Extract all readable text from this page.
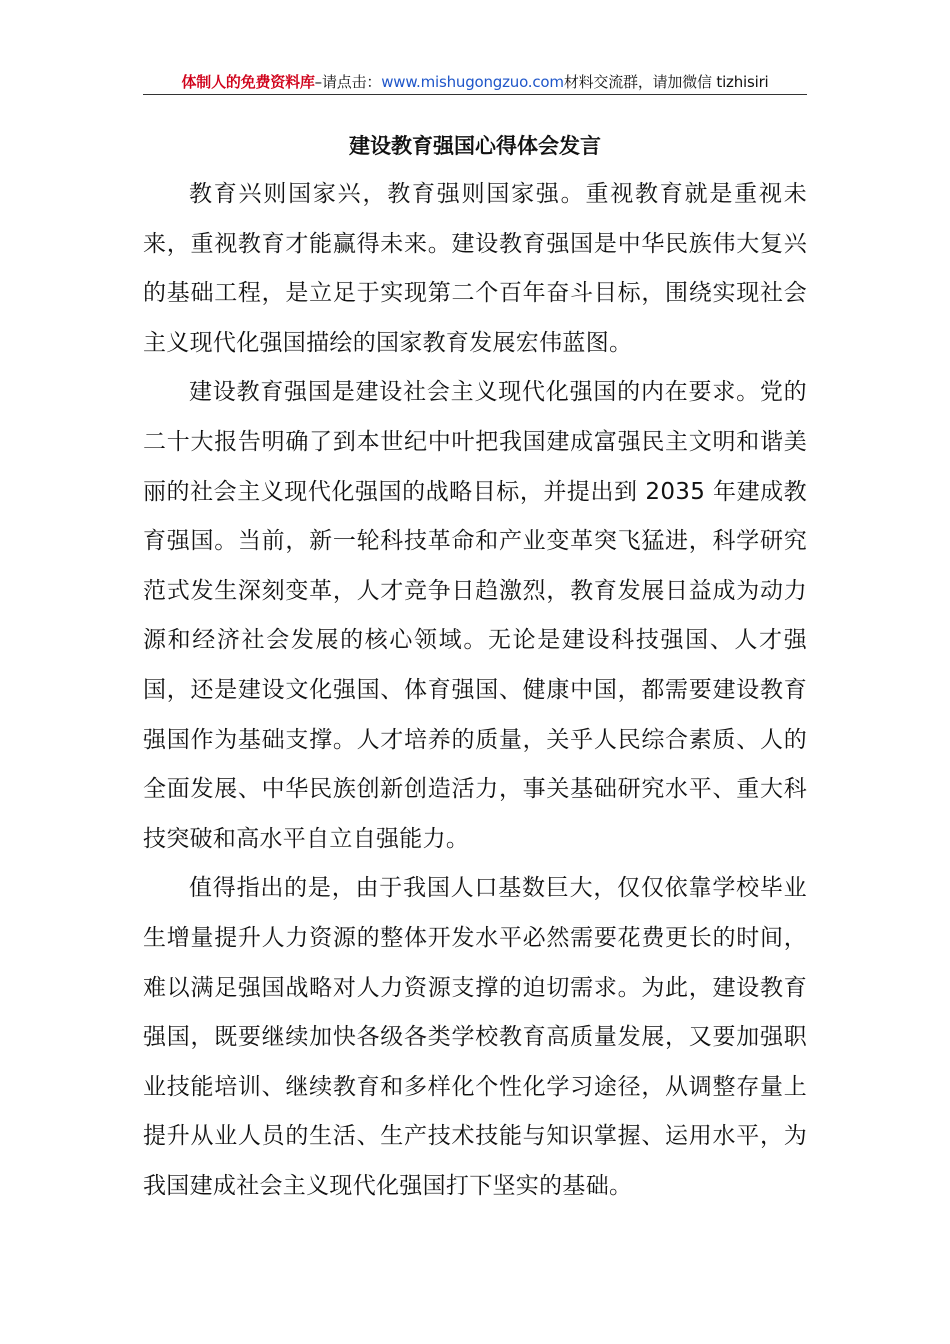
体制人的免费资料库 –请点击： www.mishugongzuo.com 材料交流群，请加微信 tizhisiri
建设教育强国心得体会发言

教育兴则国家兴，教育强则国家强。重视教育就是重视未来，重视教育才能赢得未来。建设教育强国是中华民族伟大复兴的基础工程，是立足于实现第二个百年奋斗目标，围绕实现社会主义现代化强国描绘的国家教育发展宏伟蓝图。

建设教育强国是建设社会主义现代化强国的内在要求。党的二十大报告明确了到本世纪中叶把我国建成富强民主文明和谐美丽的社会主义现代化强国的战略目标，并提出到 2035 年建成教育强国。当前，新一轮科技革命和产业变革突飞猛进，科学研究范式发生深刻变革，人才竞争日趋激烈，教育发展日益成为动力源和经济社会发展的核心领域。无论是建设科技强国、人才强国，还是建设文化强国、体育强国、健康中国，都需要建设教育强国作为基础支撑。人才培养的质量，关乎人民综合素质、人的全面发展、中华民族创新创造活力，事关基础研究水平、重大科技突破和高水平自立自强能力。

值得指出的是，由于我国人口基数巨大，仅仅依靠学校毕业生增量提升人力资源的整体开发水平必然需要花费更长的时间，难以满足强国战略对人力资源支撑的迫切需求。为此，建设教育强国，既要继续加快各级各类学校教育高质量发展，又要加强职业技能培训、继续教育和多样化个性化学习途径，从调整存量上提升从业人员的生活、生产技术技能与知识掌握、运用水平，为我国建成社会主义现代化强国打下坚实的基础。
